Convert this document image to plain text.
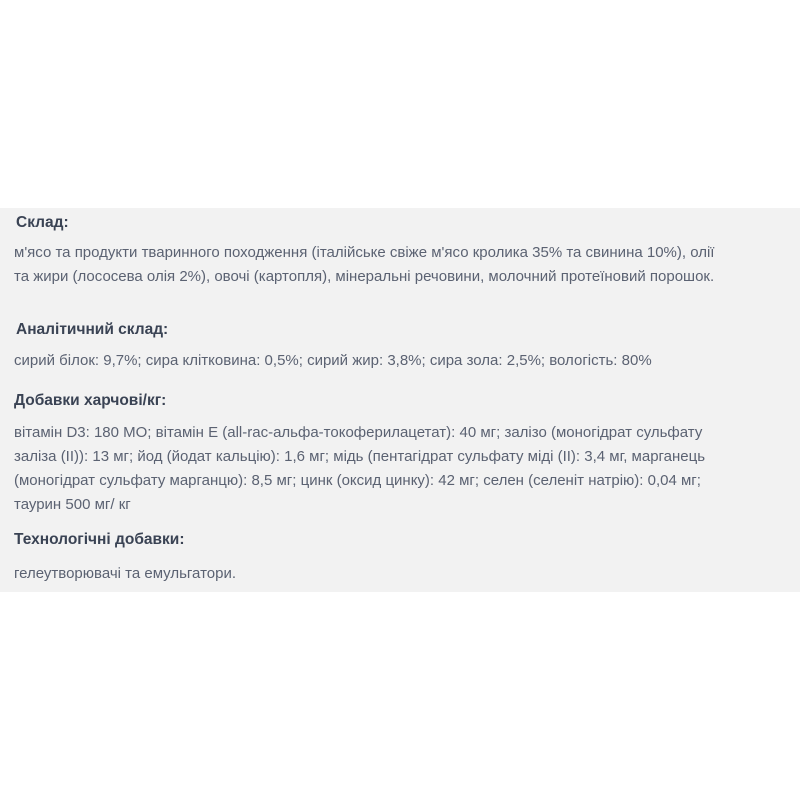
Склад:
м'ясо та продукти тваринного походження (італійське свіже м'ясо кролика 35% та свинина 10%), олії
та жири (лососева олія 2%), овочі (картопля), мінеральні речовини, молочний протеїновий порошок.
Аналітичний склад:
сирий білок: 9,7%; сира клітковина: 0,5%; сирий жир: 3,8%; сира зола: 2,5%; вологість: 80%
Добавки харчові/кг:
вітамін D3: 180 МО; вітамін Е (all-rac-альфа-токоферилацетат): 40 мг; залізо (моногідрат сульфату
заліза (II)): 13 мг; йод (йодат кальцію): 1,6 мг; мідь (пентагідрат сульфату міді (II): 3,4 мг, марганець
(моногідрат сульфату марганцю): 8,5 мг; цинк (оксид цинку): 42 мг; селен (селеніт натрію): 0,04 мг;
таурин 500 мг/ кг
Технологічні добавки:
гелеутворювачі та емульгатори.
